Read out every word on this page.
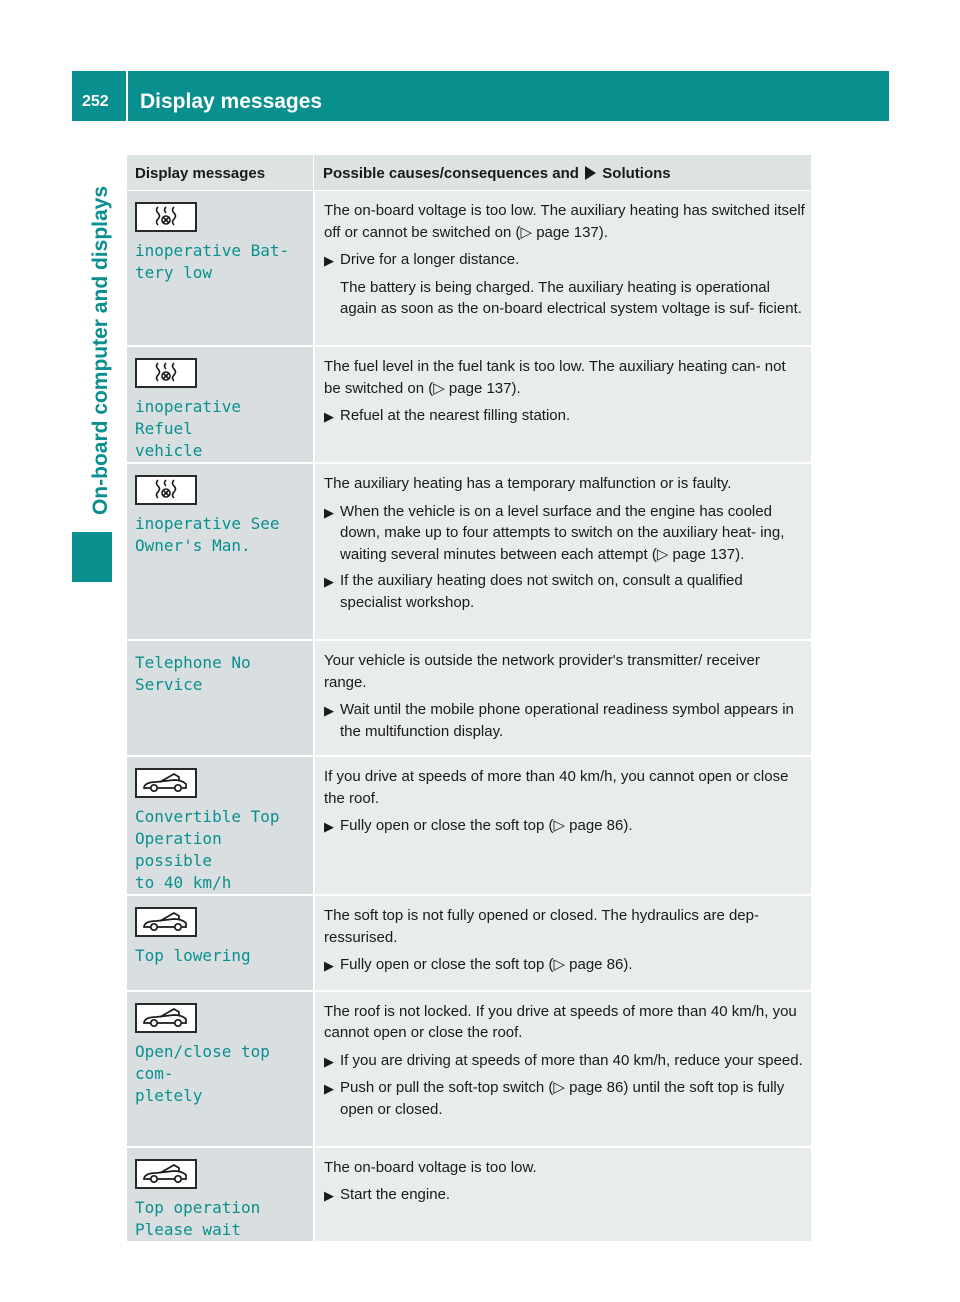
252 Display messages
On-board computer and displays
Display messages	Possible causes/consequences and Solutions
inoperative Bat-
tery low

The on-board voltage is too low. The auxiliary heating has switched itself off or cannot be switched on (▷ page 137).

▶ Drive for a longer distance.
The battery is being charged. The auxiliary heating is operational again as soon as the on-board electrical system voltage is suf- ficient.
inoperative Refuel
vehicle

The fuel level in the fuel tank is too low. The auxiliary heating can- not be switched on (▷ page 137).

▶ Refuel at the nearest filling station.
inoperative See
Owner's Man.

The auxiliary heating has a temporary malfunction or is faulty.

▶ When the vehicle is on a level surface and the engine has cooled down, make up to four attempts to switch on the auxiliary heat- ing, waiting several minutes between each attempt (▷ page 137).
▶ If the auxiliary heating does not switch on, consult a qualified specialist workshop.
Telephone No
Service

Your vehicle is outside the network provider's transmitter/ receiver range.

▶ Wait until the mobile phone operational readiness symbol appears in the multifunction display.
Convertible Top
Operation possible
to 40 km/h

If you drive at speeds of more than 40 km/h, you cannot open or close the roof.

▶ Fully open or close the soft top (▷ page 86).
Top lowering

The soft top is not fully opened or closed. The hydraulics are dep- ressurised.

▶ Fully open or close the soft top (▷ page 86).
Open/close top com-
pletely

The roof is not locked. If you drive at speeds of more than 40 km/h, you cannot open or close the roof.

▶ If you are driving at speeds of more than 40 km/h, reduce your speed.
▶ Push or pull the soft-top switch (▷ page 86) until the soft top is fully open or closed.
Top operation
Please wait

The on-board voltage is too low.

▶ Start the engine.
